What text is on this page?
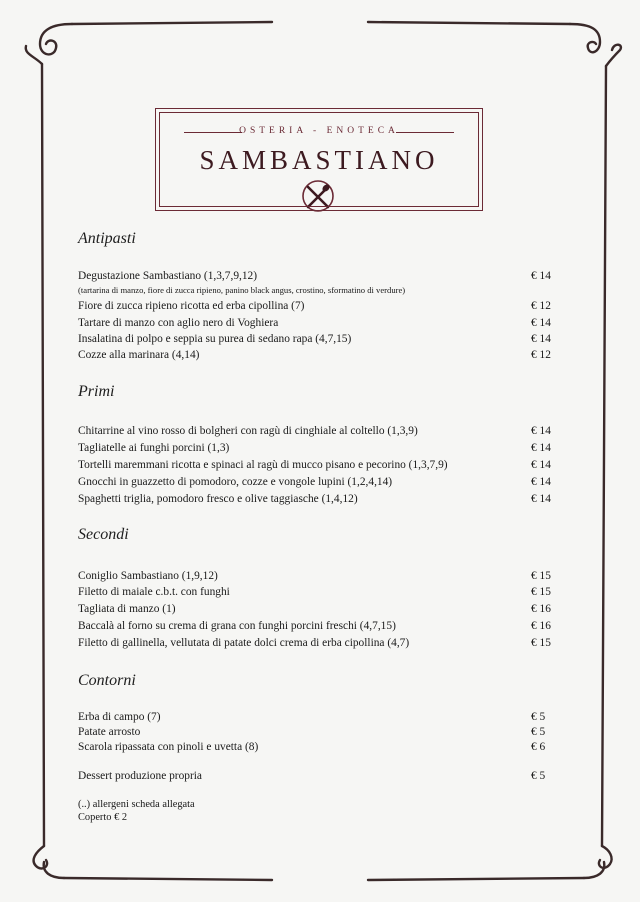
OSTERIA - ENOTECA
SAMBASTIANO
Antipasti
Degustazione Sambastiano (1,3,7,9,12)	€ 14
(tartarina di manzo, fiore di zucca ripieno, panino black angus, crostino, sformatino di verdure)
Fiore di zucca ripieno ricotta ed erba cipollina (7)	€ 12
Tartare di manzo con aglio nero di Voghiera	€ 14
Insalatina di polpo e seppia su purea di sedano rapa (4,7,15)	€ 14
Cozze alla marinara (4,14)	€ 12
Primi
Chitarrine al vino rosso di bolgheri con ragù di cinghiale al coltello (1,3,9)	€ 14
Tagliatelle ai funghi porcini (1,3)	€ 14
Tortelli maremmani ricotta e spinaci al ragù di mucco pisano e pecorino (1,3,7,9)	€ 14
Gnocchi in guazzetto di pomodoro, cozze e vongole lupini (1,2,4,14)	€ 14
Spaghetti triglia, pomodoro fresco e olive taggiasche (1,4,12)	€ 14
Secondi
Coniglio Sambastiano (1,9,12)	€ 15
Filetto di maiale c.b.t. con funghi	€ 15
Tagliata di manzo (1)	€ 16
Baccalà al forno su crema di grana con funghi porcini freschi (4,7,15)	€ 16
Filetto di gallinella, vellutata di patate dolci crema di erba cipollina (4,7)	€ 15
Contorni
Erba di campo (7)	€ 5
Patate arrosto	€ 5
Scarola ripassata con pinoli e uvetta (8)	€ 6
Dessert produzione propria	€ 5
(..) allergeni scheda allegata
Coperto € 2
